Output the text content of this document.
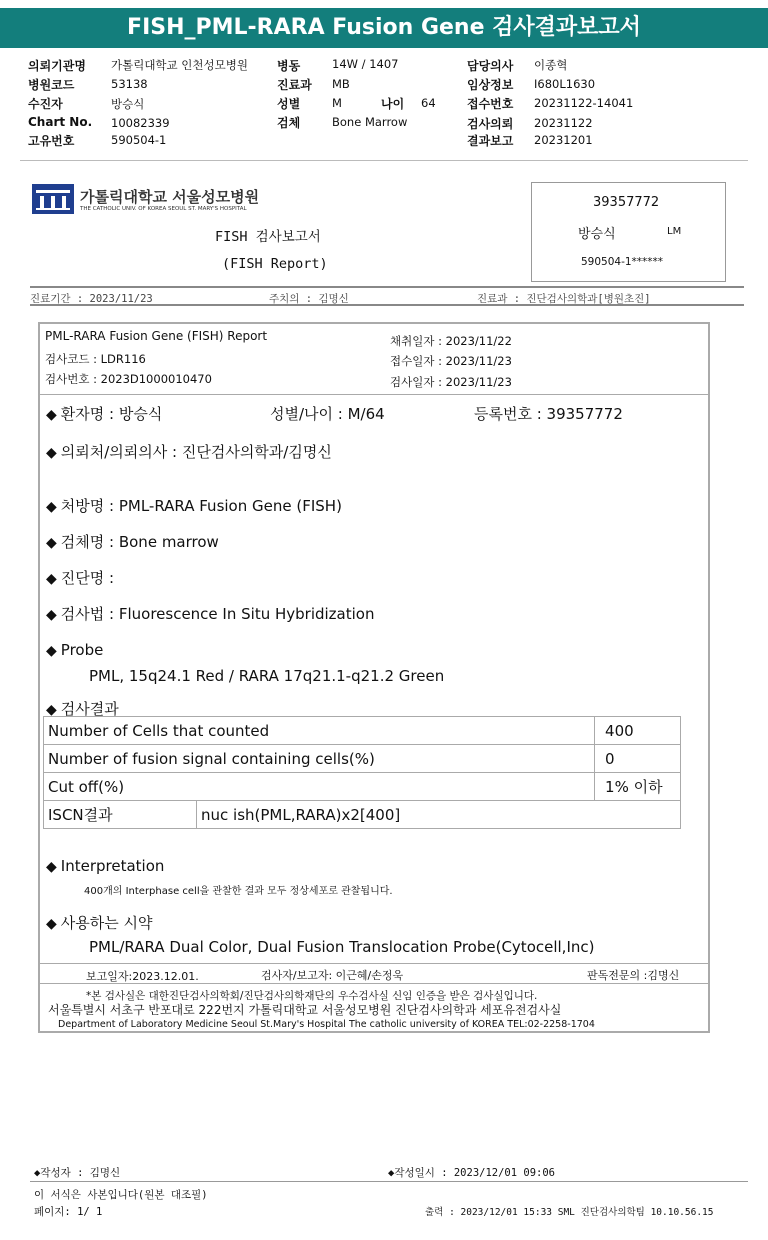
FISH_PML-RARA Fusion Gene 검사결과보고서
의뢰기관명 가톨릭대학교 인천성모병원
병원코드	53138
수진자	방승식
Chart No. 10082339
고유번호	590504-1
병동	14W / 1407
진료과 MB
성별	M	나이 64
검체	Bone Marrow
담당의사 이종혁
임상정보 I680L1630
접수번호 20231122-14041
검사의뢰 20231122
결과보고 20231201
가톨릭대학교 서울성모병원
THE CATHOLIC UNIV. OF KOREA SEOUL ST. MARY'S HOSPITAL
FISH 검사보고서
(FISH Report)
39357772
방승식	LM
590504-1******
진료기간 : 2023/11/23	주치의 : 김명신	진료과 : 진단검사의학과[병원초진]
PML-RARA Fusion Gene (FISH) Report
검사코드 : LDR116
검사번호 : 2023D1000010470
채취일자 : 2023/11/22
접수일자 : 2023/11/23
검사일자 : 2023/11/23
◆ 환자명 : 방승식	성별/나이 : M/64	등록번호 : 39357772
◆ 의뢰처/의뢰의사 : 진단검사의학과/김명신
◆ 처방명 : PML-RARA Fusion Gene (FISH)
◆ 검체명 : Bone marrow
◆ 진단명 :
◆ 검사법 : Fluorescence In Situ Hybridization
◆ Probe
PML, 15q24.1 Red / RARA 17q21.1-q21.2 Green
◆ 검사결과
Number of Cells that counted		400
Number of fusion signal containing cells(%)		0
Cut off(%)		1% 이하
ISCN결과	nuc ish(PML,RARA)x2[400]	
◆ Interpretation
400개의 Interphase cell을 관찰한 결과 모두 정상세포로 관찰됩니다.
◆ 사용하는 시약
PML/RARA Dual Color, Dual Fusion Translocation Probe(Cytocell,Inc)
보고일자:2023.12.01.	검사자/보고자: 이근혜/손정욱	판독전문의 :김명신
*본 검사실은 대한진단검사의학회/진단검사의학재단의 우수검사실 신임 인증을 받은 검사실입니다.
서울특별시 서초구 반포대로 222번지 가톨릭대학교 서울성모병원 진단검사의학과 세포유전검사실
Department of Laboratory Medicine Seoul St.Mary's Hospital The catholic university of KOREA TEL:02-2258-1704
◆작성자 : 김명신	◆작성일시 : 2023/12/01 09:06
이 서식은 사본입니다(원본 대조필)
페이지: 1/ 1	출력 : 2023/12/01 15:33 SML 진단검사의학팀 10.10.56.15
